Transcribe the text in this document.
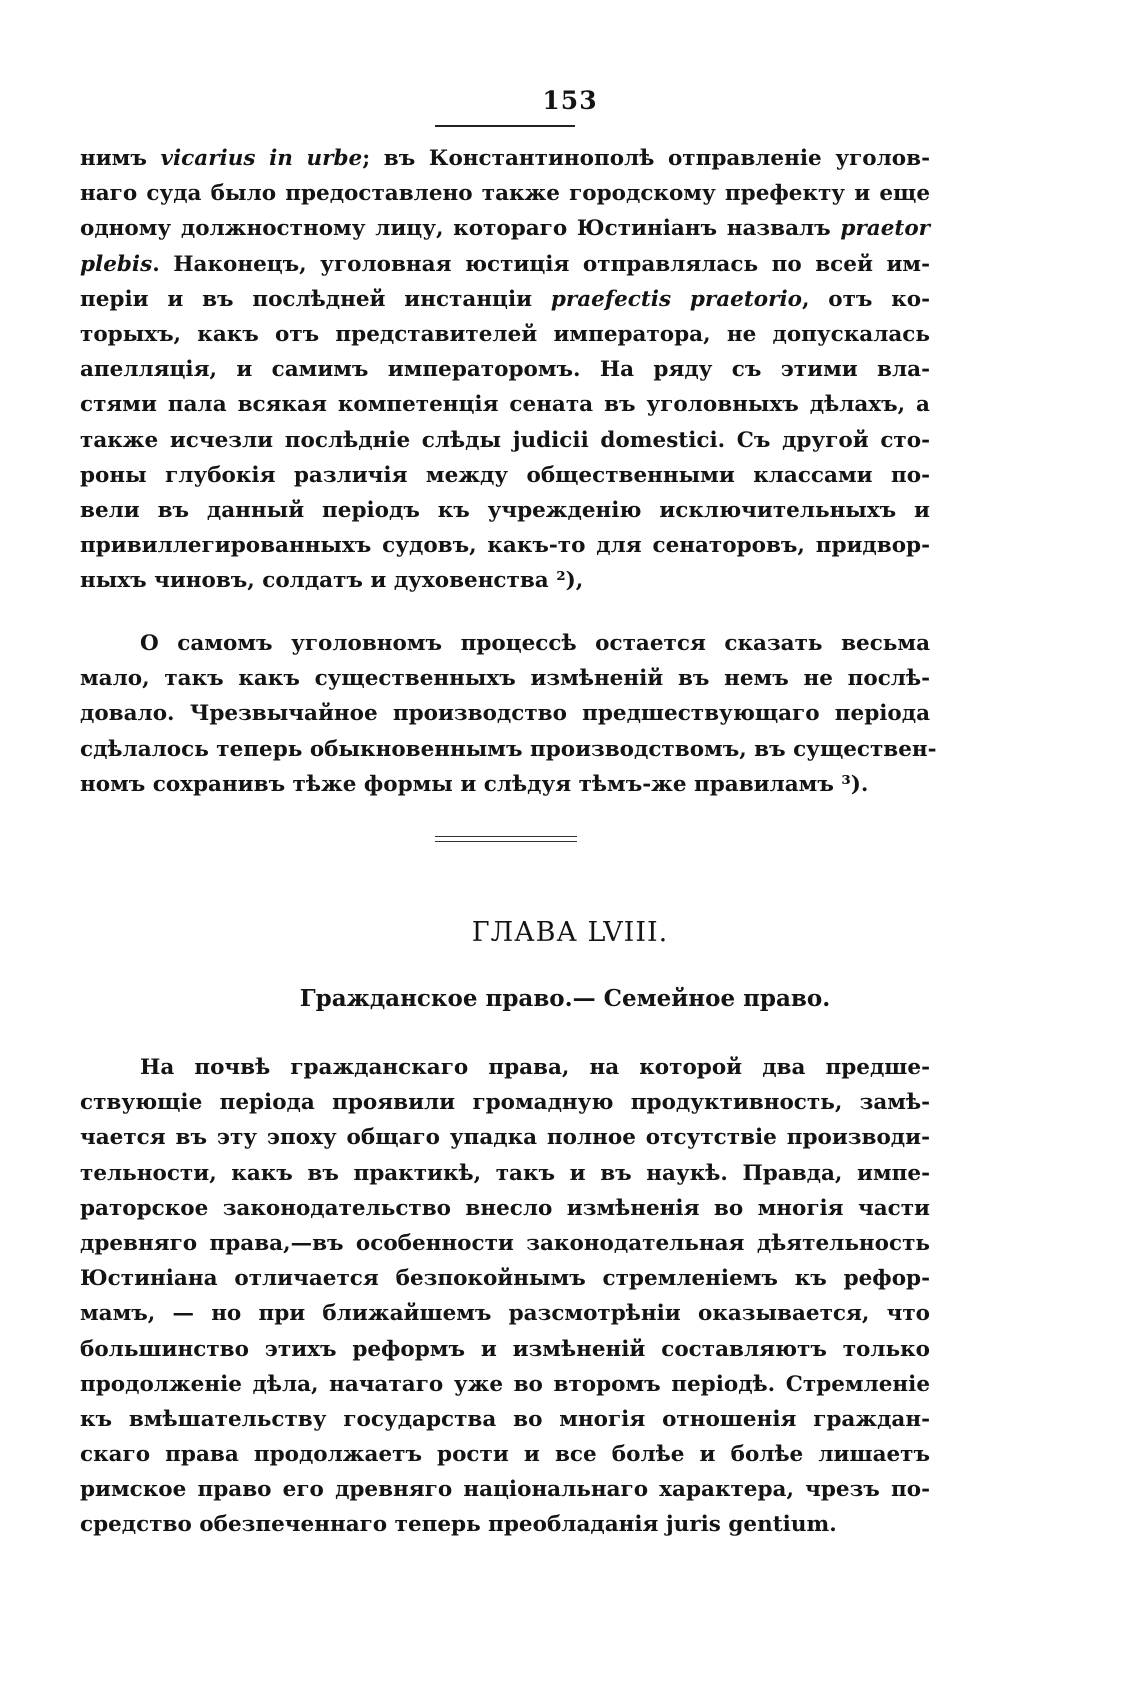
153
нимъ vicarius in urbe; въ Константинополѣ отправленіе уголов-
наго суда было предоставлено также городскому префекту и еще
одному должностному лицу, котораго Юстиніанъ назвалъ praetor
plebis. Наконецъ, уголовная юстиція отправлялась по всей им-
періи и въ послѣдней инстанціи praefectis praetorio, отъ ко-
торыхъ, какъ отъ представителей императора, не допускалась
апелляція, и самимъ императоромъ. На ряду съ этими вла-
стями пала всякая компетенція сената въ уголовныхъ дѣлахъ, а
также исчезли послѣдніе слѣды judicii domestici. Съ другой сто-
роны глубокія различія между общественными классами по-
вели въ данный періодъ къ учрежденію исключительныхъ и
привиллегированныхъ судовъ, какъ-то для сенаторовъ, придвор-
ныхъ чиновъ, солдатъ и духовенства ²),
О самомъ уголовномъ процессѣ остается сказать весьма
мало, такъ какъ существенныхъ измѣненій въ немъ не послѣ-
довало. Чрезвычайное производство предшествующаго періода
сдѣлалось теперь обыкновеннымъ производствомъ, въ существен-
номъ сохранивъ тѣже формы и слѣдуя тѣмъ-же правиламъ ³).
ГЛАВА LVIII.
Гражданское право.— Семейное право.
На почвѣ гражданскаго права, на которой два предше-
ствующіе періода проявили громадную продуктивность, замѣ-
чается въ эту эпоху общаго упадка полное отсутствіе производи-
тельности, какъ въ практикѣ, такъ и въ наукѣ. Правда, импе-
раторское законодательство внесло измѣненія во многія части
древняго права,—въ особенности законодательная дѣятельность
Юстиніана отличается безпокойнымъ стремленіемъ къ рефор-
мамъ, — но при ближайшемъ разсмотрѣніи оказывается, что
большинство этихъ реформъ и измѣненій составляютъ только
продолженіе дѣла, начатаго уже во второмъ періодѣ. Стремленіе
къ вмѣшательству государства во многія отношенія граждан-
скаго права продолжаетъ рости и все болѣе и болѣе лишаетъ
римское право его древняго національнаго характера, чрезъ по-
средство обезпеченнаго теперь преобладанія juris gentium.
